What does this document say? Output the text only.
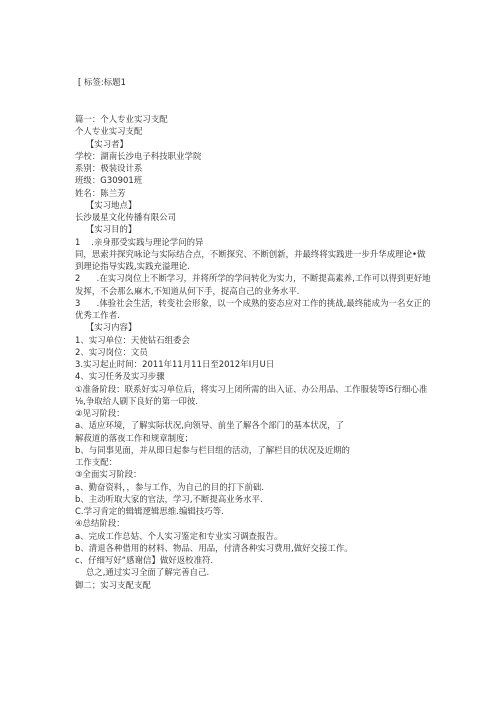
[ 标签:标题1
篇一：个人专业实习支配
个人专业实习支配
【实习者】
学校：湖南长沙电子科技职业学院
系别：极装设计系
班级：G30901班
姓名：陈兰芳
【实习地点】
长沙晟星文化传播有限公司
【实习目的】
1    .亲身那受实践与理论学问的异
同，思索并探究咏论与实际结合点，不断探究、不断创新，并最终将实践进一步升华成理论•做
到理论指导实践,实践充溢理论.
2      .在实习岗位上不断学习，并将所学的学问转化为实力，不断提高素养,工作可以得到更好地
发挥，不会那么麻木,不知道从何下手，捉高自己的业务水平.
3      .体验社会生活，转变社会形象，以一个成熟的姿态应对工作的挑战,最终能成为一名女正的
优秀工作者.
【实习内容】
1、实习单位：天使钻石组委会
2、实习岗位：文员
3.实习起止时间：2011年11月11日至2012年I月U日
4、实习任务及实习步骤
①准备阶段：联系好实习单位后，将实习上闭所需的出入证、办公用品、工作服装等iS行细心准
⅛,争取给人刷下良好的第一印彼.
②见习阶段：
a、适应环境，了解实际状况,向领导、前坐了解各个部门的基本状况，了
解菽道的落夜工作和规章制度；
b、与同事见面，并从即日起参与栏目组的活动，了解栏目的状况及近期的
工作支配：
③全面实习阶段：
a、勤奋资料，，参与工作，为自己的目的打下前础.
b、主动听取大家的官法，学习,不断提高业务水平.
C.学习肯定的辑辑逻辑思维.编辑技巧等.
④总结阶段：
a、完成工作总姑、个人实习鉴定和专业实习调查报告。
b、清退各种借用的材料、物品、用品，付清各种实习费用,做好交接工作。
c、仔细写好“感谢信】做好返校准符.
总之,通过实习全面了解完善自己.
御二；实习支配支配
